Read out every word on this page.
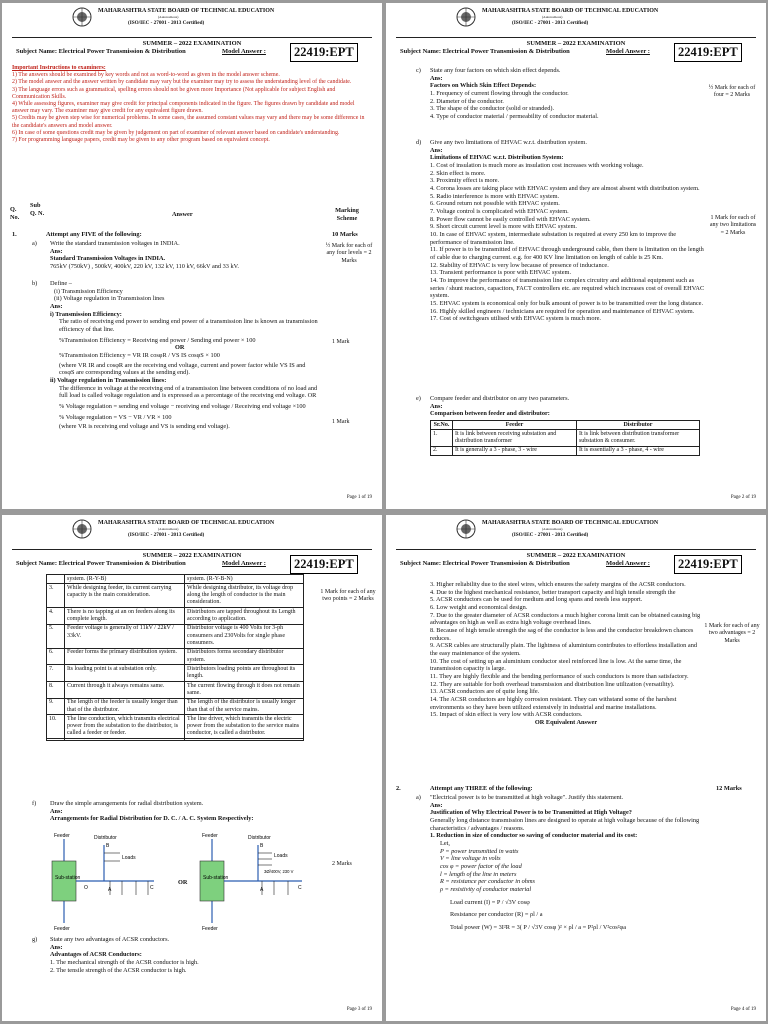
MAHARASHTRA STATE BOARD OF TECHNICAL EDUCATION
(Autonomous)
(ISO/IEC - 27001 - 2013 Certified)
SUMMER – 2022 EXAMINATION
Subject Name: Electrical Power Transmission & Distribution	Model Answer :	22419:EPT
Important Instructions to examiners:
1) The answers should be examined by key words and not as word-to-word as given in the model answer scheme.
2) The model answer and the answer written by candidate may vary but the examiner may try to assess the understanding level of the candidate.
3) The language errors such as grammatical, spelling errors should not be given more Importance (Not applicable for subject English and Communication Skills.
4) While assessing figures, examiner may give credit for principal components indicated in the figure. The figures drawn by candidate and model answer may vary. The examiner may give credit for any equivalent figure drawn.
5) Credits may be given step wise for numerical problems. In some cases, the assumed constant values may vary and there may be some difference in the candidate's answers and model answer.
6) In case of some questions credit may be given by judgement on part of examiner of relevant answer based on candidate's understanding.
7) For programming language papers, credit may be given to any other program based on equivalent concept.
Q. No.
Sub Q. N.	Answer
Marking Scheme
1.	Attempt any FIVE of the following:	10 Marks
a) Write the standard transmission voltages in INDIA.
Ans:
Standard Transmission Voltages in INDIA.
765kV (750kV) , 500kV, 400kV, 220 kV, 132 kV, 110 kV, 66kV and 33 kV.
½ Mark for each of any four levels = 2 Marks
b) Define –
(i) Transmission Efficiency
(ii) Voltage regulation in Transmission lines
Ans:
i) Transmission Efficiency:
The ratio of receiving end power to sending end power of a transmission line is known as transmission efficiency of that line.
%Transmission Efficiency = Receiving end power / Sending end power × 100
OR
%Transmission Efficiency = VR IR cosφR / VS IS cosφS × 100
(where VR IR and cosφR are the receiving end voltage, current and power factor while VS IS and cosφS are corresponding values at the sending end).
ii) Voltage regulation in Transmission lines:
The difference in voltage at the receiving end of a transmission line between conditions of no load and full load is called voltage regulation and is expressed as a percentage of the receiving end voltage. OR
% Voltage regulation = sending end voltage − receiving end voltage / Receiving end voltage ×100
% Voltage regulation = VS − VR / VR × 100
(where VR is receiving end voltage and VS is sending end voltage).
1 Mark
1 Mark
Page 1 of 19
MAHARASHTRA STATE BOARD OF TECHNICAL EDUCATION
(Autonomous)
(ISO/IEC - 27001 - 2013 Certified)
SUMMER – 2022 EXAMINATION
Subject Name: Electrical Power Transmission & Distribution	Model Answer :	22419:EPT
c) State any four factors on which skin effect depends.
Ans:
Factors on Which Skin Effect Depends:
1. Frequency of current flowing through the conductor.
2. Diameter of the conductor.
3. The shape of the conductor (solid or stranded).
4. Type of conductor material / permeability of conductor material.
½ Mark for each of four = 2 Marks
d) Give any two limitations of EHVAC w.r.t. distribution system.
Ans:
Limitations of EHVAC w.r.t. Distribution System:
1. Cost of insulation is much more as insulation cost increases with working voltage.
2. Skin effect is more.
3. Proximity effect is more.
4. Corona losses are taking place with EHVAC system and they are almost absent with distribution system.
5. Radio interference is more with EHVAC system.
6. Ground return not possible with EHVAC system.
7. Voltage control is complicated with EHVAC system.
8. Power flow cannot be easily controlled with EHVAC system.
9. Short circuit current level is more with EHVAC system.
10. In case of EHVAC system, intermediate substation is required at every 250 km to improve the performance of transmission line.
11. If power is to be transmitted of EHVAC through underground cable, then there is limitation on the length of cable due to charging current. e.g. for 400 KV line limitation on length of cable is 25 Km.
12. Stability of EHVAC is very low because of presence of inductance.
13. Transient performance is poor with EHVAC system.
14. To improve the performance of transmission line complex circuitry and additional equipment such as series / shunt reactors, capacitors, FACT controllers etc. are required which increases cost of overall EHVAC system.
15. EHVAC system is economical only for bulk amount of power is to be transmitted over the long distance.
16. Highly skilled engineers / technicians are required for operation and maintenance of EHVAC system.
17. Cost of switchgears utilised with EHVAC system is much more.
1 Mark for each of any two limitations = 2 Marks
e) Compare feeder and distributor on any two parameters.
Ans:
Comparison between feeder and distributor:
Sr.No.	Feeder	Distributor
1.	It is link between receiving substation and distribution transformer	It is link between distribution transformer substation & consumer.
2.	It is generally a 3 - phase, 3 - wire	It is essentially a 3 - phase, 4 - wire
Page 2 of 19
MAHARASHTRA STATE BOARD OF TECHNICAL EDUCATION
(Autonomous)
(ISO/IEC - 27001 - 2013 Certified)
SUMMER – 2022 EXAMINATION
Subject Name: Electrical Power Transmission & Distribution	Model Answer :	22419:EPT
	system. (R-Y-B)	system. (R-Y-B-N)
3.	While designing feeder, its current carrying capacity is the main consideration.	While designing distributor, its voltage drop along the length of conductor is the main consideration.
4.	There is no tapping at an on feeders along its complete length.	Distributors are tapped throughout its Length according to application.
5.	Feeder voltage is generally of 11kV / 22kV / 33kV.	Distributor voltage is 400 Volts for 3-ph consumers and 230Volts for single phase consumers.
6.	Feeder forms the primary distribution system.	Distributors forms secondary distributor system.
7.	Its loading point is at substation only.	Distributors loading points are throughout its length.
8.	Current through it always remains same.	The current flowing through it does not remain same.
9.	The length of the feeder is usually longer than that of the distributor.	The length of the distributor is usually longer than that of the service mains.
10.	The line conduction, which transmits electrical power from the substation to the distributor, is called a feeder or feeder.	The line driver, which transmits the electric power from the substation to the service mains conductor, is called a distributor.

1 Mark for each of any two points = 2 Marks
f) Draw the simple arrangements for radial distribution system.
Ans:
Arrangements for Radial Distribution for D. C. / A. C. System Respectively:
Feeder	Distributor
B
Loads
Sub-station
O	A	C
Feeder
OR
Feeder	Distributor
B
Loads
Sub-station
3Ø/400V, 230 V
A	C
Feeder
2 Marks
g) State any two advantages of ACSR conductors.
Ans:
Advantages of ACSR Conductors:
1. The mechanical strength of the ACSR conductor is high.
2. The tensile strength of the ACSR conductor is high.
Page 3 of 19
MAHARASHTRA STATE BOARD OF TECHNICAL EDUCATION
(Autonomous)
(ISO/IEC - 27001 - 2013 Certified)
SUMMER – 2022 EXAMINATION
Subject Name: Electrical Power Transmission & Distribution	Model Answer :	22419:EPT
3. Higher reliability due to the steel wires, which ensures the safety margins of the ACSR conductors.
4. Due to the highest mechanical resistance, better transport capacity and high tensile strength the
5. ACSR conductors can be used for medium and long spans and needs less support.
6. Low weight and economical design.
7. Due to the greater diameter of ACSR conductors a much higher corona limit can be obtained causing big advantages on high as well as extra high voltage overhead lines.
8. Because of high tensile strength the sag of the conductor is less and the conductor breakdown chances reduces.
9. ACSR cables are structurally plain. The lightness of aluminium contributes to effortless installation and the easy maintenance of the system.
10. The cost of setting up an aluminium conductor steel reinforced line is low. At the same time, the transmission capacity is large.
11. They are highly flexible and the bending performance of such conductors is more than satisfactory.
12. They are suitable for both overhead transmission and distribution line utilization (versatility).
13. ACSR conductors are of quite long life.
14. The ACSR conductors are highly corrosion resistant. They can withstand some of the harshest environments so they have been utilized extensively in industrial and marine installations.
15. Impact of skin effect is very low with ACSR conductors.
OR Equivalent Answer
1 Mark for each of any two advantages = 2 Marks
2.	Attempt any THREE of the following:	12 Marks
a) "Electrical power is to be transmitted at high voltage". Justify this statement.
Ans:
Justification of Why Electrical Power is to be Transmitted at High Voltage?
Generally long distance transmission lines are designed to operate at high voltage because of the following characteristics / advantages / reasons.
1. Reduction in size of conductor so saving of conductor material and its cost:
Let,
P = power transmitted in watts
V = line voltage in volts
cos φ = power factor of the load
l = length of the line in meters
R = resistance per conductor in ohms
ρ = resistivity of conductor material
Load current (I) = P / √3V cosφ
Resistance per conductor (R) = ρl / a
Total power (W) = 3I²R = 3( P / √3V cosφ )² × ρl / a = P²ρl / V²cos²φa
Page 4 of 19
